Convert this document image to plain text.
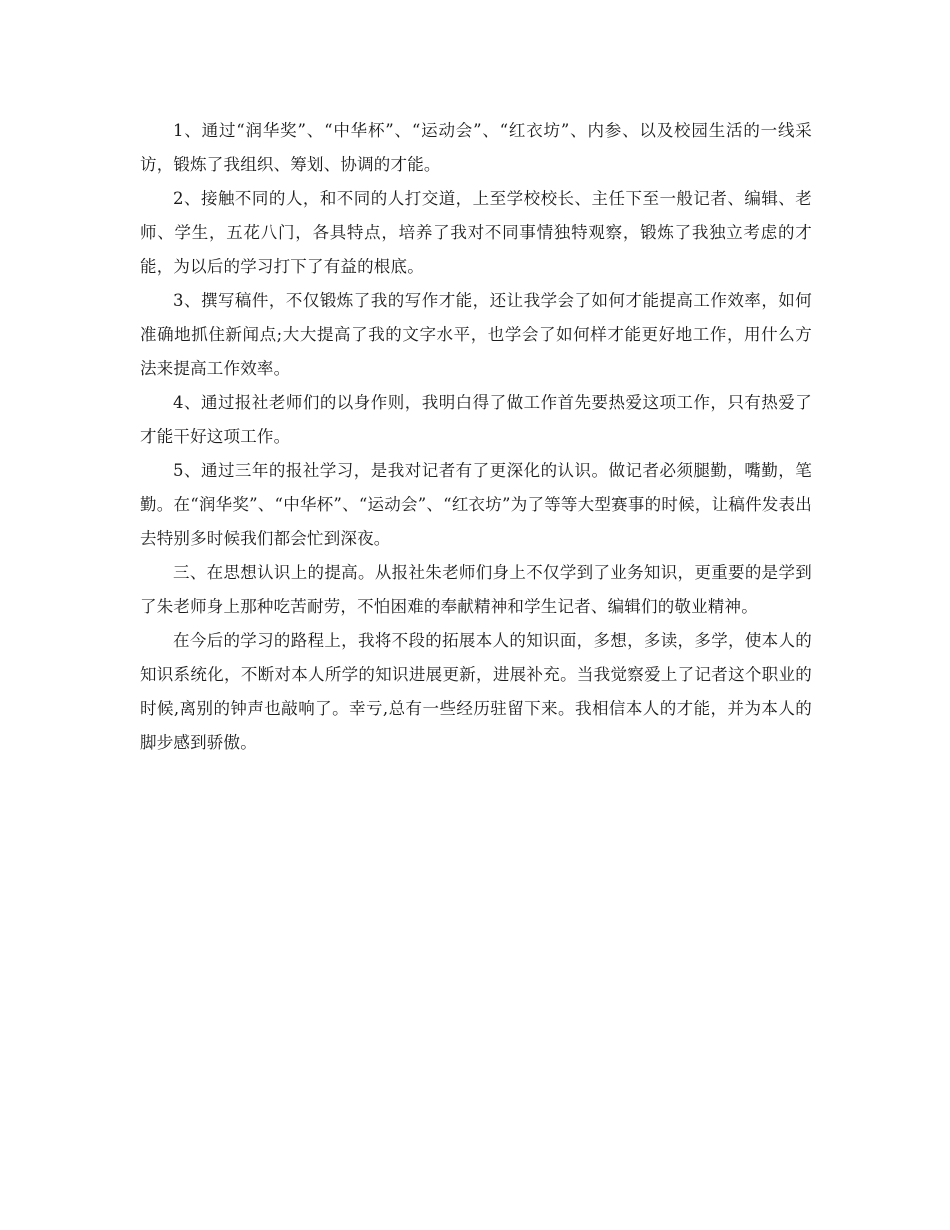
1、通过“润华奖”、“中华杯”、“运动会”、“红衣坊”、内参、以及校园生活的一线采访，锻炼了我组织、筹划、协调的才能。

2、接触不同的人，和不同的人打交道，上至学校校长、主任下至一般记者、编辑、老师、学生，五花八门，各具特点，培养了我对不同事情独特观察，锻炼了我独立考虑的才能，为以后的学习打下了有益的根底。

3、撰写稿件，不仅锻炼了我的写作才能，还让我学会了如何才能提高工作效率，如何准确地抓住新闻点;大大提高了我的文字水平，也学会了如何样才能更好地工作，用什么方法来提高工作效率。

4、通过报社老师们的以身作则，我明白得了做工作首先要热爱这项工作，只有热爱了才能干好这项工作。

5、通过三年的报社学习，是我对记者有了更深化的认识。做记者必须腿勤，嘴勤，笔勤。在“润华奖”、“中华杯”、“运动会”、“红衣坊”为了等等大型赛事的时候，让稿件发表出去特别多时候我们都会忙到深夜。

三、在思想认识上的提高。从报社朱老师们身上不仅学到了业务知识，更重要的是学到了朱老师身上那种吃苦耐劳，不怕困难的奉献精神和学生记者、编辑们的敬业精神。

在今后的学习的路程上，我将不段的拓展本人的知识面，多想，多读，多学，使本人的知识系统化，不断对本人所学的知识进展更新，进展补充。当我觉察爱上了记者这个职业的时候,离别的钟声也敲响了。幸亏,总有一些经历驻留下来。我相信本人的才能，并为本人的脚步感到骄傲。
